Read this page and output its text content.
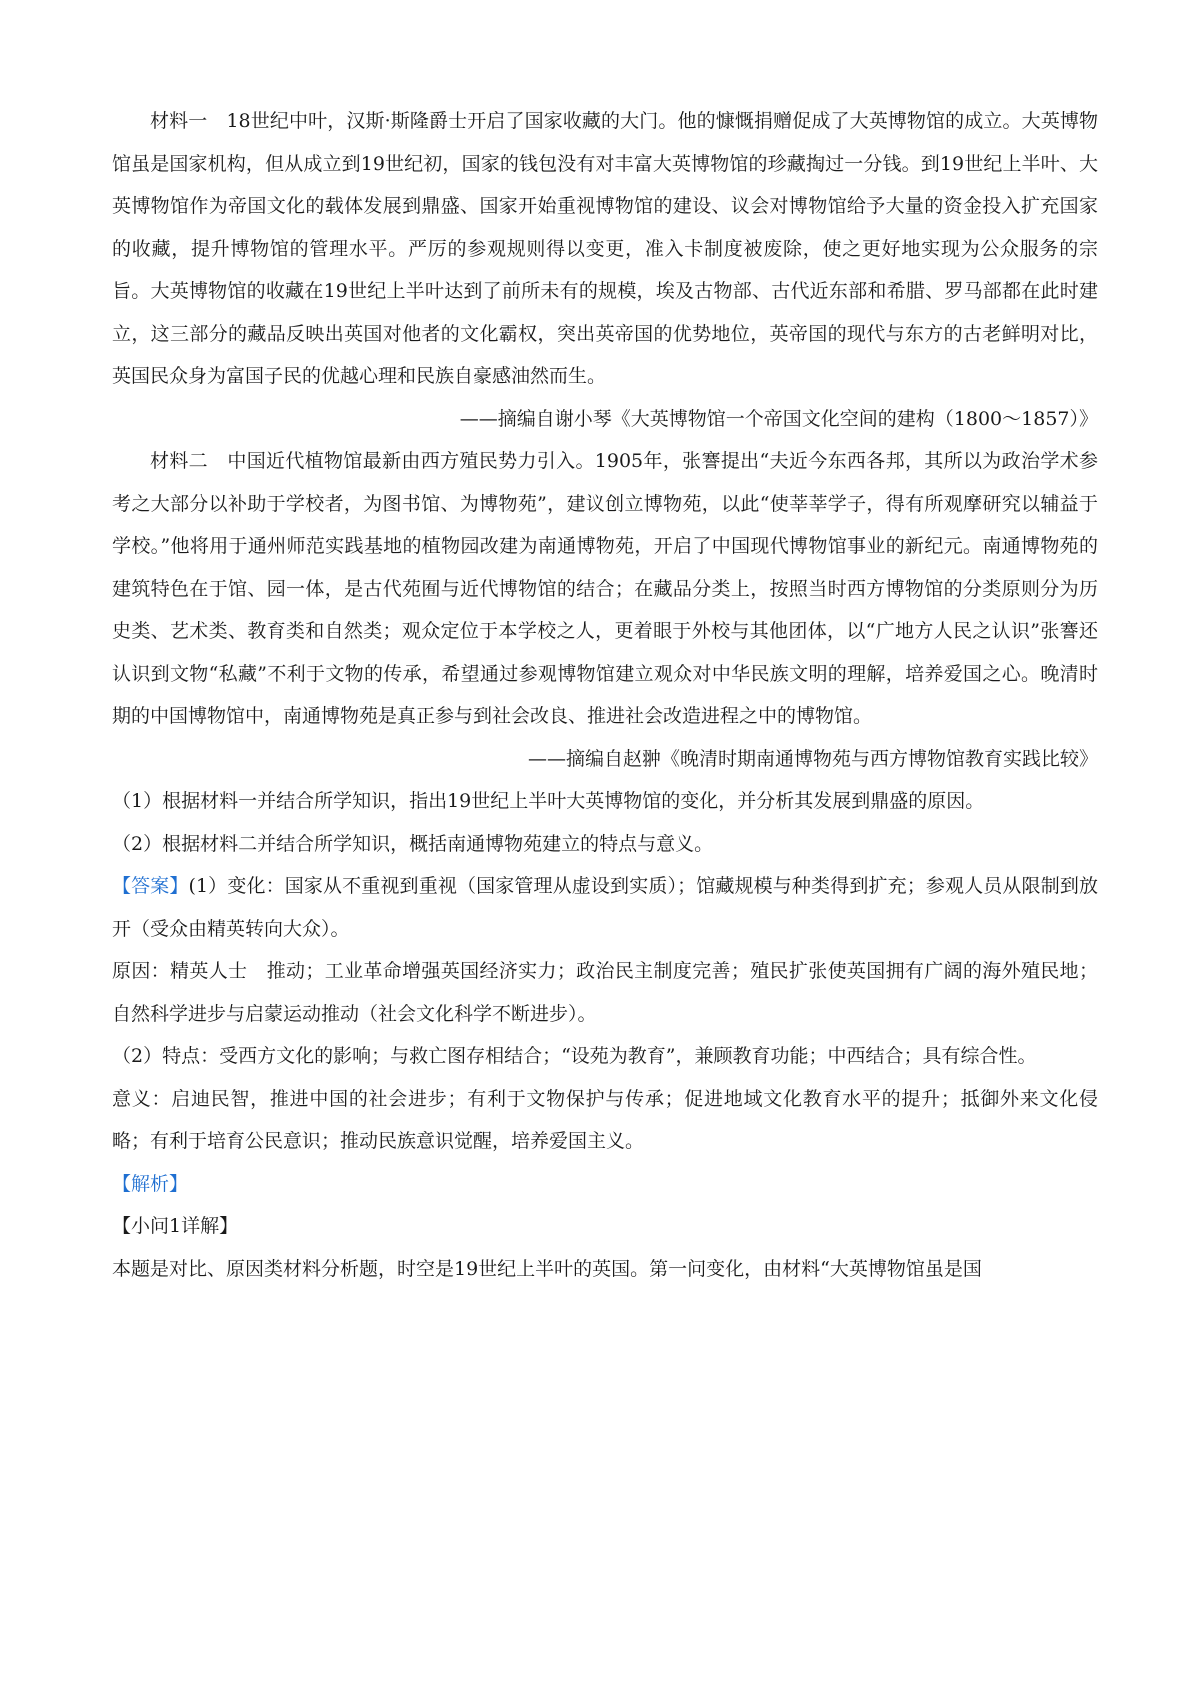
材料一　18世纪中叶，汉斯·斯隆爵士开启了国家收藏的大门。他的慷慨捐赠促成了大英博物馆的成立。大英博物馆虽是国家机构，但从成立到19世纪初，国家的钱包没有对丰富大英博物馆的珍藏掏过一分钱。到19世纪上半叶、大英博物馆作为帝国文化的载体发展到鼎盛、国家开始重视博物馆的建设、议会对博物馆给予大量的资金投入扩充国家的收藏，提升博物馆的管理水平。严厉的参观规则得以变更，准入卡制度被废除，使之更好地实现为公众服务的宗旨。大英博物馆的收藏在19世纪上半叶达到了前所未有的规模，埃及古物部、古代近东部和希腊、罗马部都在此时建立，这三部分的藏品反映出英国对他者的文化霸权，突出英帝国的优势地位，英帝国的现代与东方的古老鲜明对比，英国民众身为富国子民的优越心理和民族自豪感油然而生。

——摘编自谢小琴《大英博物馆一个帝国文化空间的建构（1800～1857）》

材料二　中国近代植物馆最新由西方殖民势力引入。1905年，张謇提出“夫近今东西各邦，其所以为政治学术参考之大部分以补助于学校者，为图书馆、为博物苑”，建议创立博物苑，以此“使莘莘学子，得有所观摩研究以辅益于学校。”他将用于通州师范实践基地的植物园改建为南通博物苑，开启了中国现代博物馆事业的新纪元。南通博物苑的建筑特色在于馆、园一体，是古代苑囿与近代博物馆的结合；在藏品分类上，按照当时西方博物馆的分类原则分为历史类、艺术类、教育类和自然类；观众定位于本学校之人，更着眼于外校与其他团体，以“广地方人民之认识”张謇还认识到文物“私藏”不利于文物的传承，希望通过参观博物馆建立观众对中华民族文明的理解，培养爱国之心。晚清时期的中国博物馆中，南通博物苑是真正参与到社会改良、推进社会改造进程之中的博物馆。

——摘编自赵翀《晚清时期南通博物苑与西方博物馆教育实践比较》

（1）根据材料一并结合所学知识，指出19世纪上半叶大英博物馆的变化，并分析其发展到鼎盛的原因。

（2）根据材料二并结合所学知识，概括南通博物苑建立的特点与意义。

【答案】(1）变化：国家从不重视到重视（国家管理从虚设到实质）；馆藏规模与种类得到扩充；参观人员从限制到放开（受众由精英转向大众）。

原因：精英人士　推动；工业革命增强英国经济实力；政治民主制度完善；殖民扩张使英国拥有广阔的海外殖民地；自然科学进步与启蒙运动推动（社会文化科学不断进步）。

（2）特点：受西方文化的影响；与救亡图存相结合；“设苑为教育”，兼顾教育功能；中西结合；具有综合性。

意义：启迪民智，推进中国的社会进步；有利于文物保护与传承；促进地域文化教育水平的提升；抵御外来文化侵略；有利于培育公民意识；推动民族意识觉醒，培养爱国主义。

【解析】

【小问1详解】

本题是对比、原因类材料分析题，时空是19世纪上半叶的英国。第一问变化，由材料“大英博物馆虽是国
